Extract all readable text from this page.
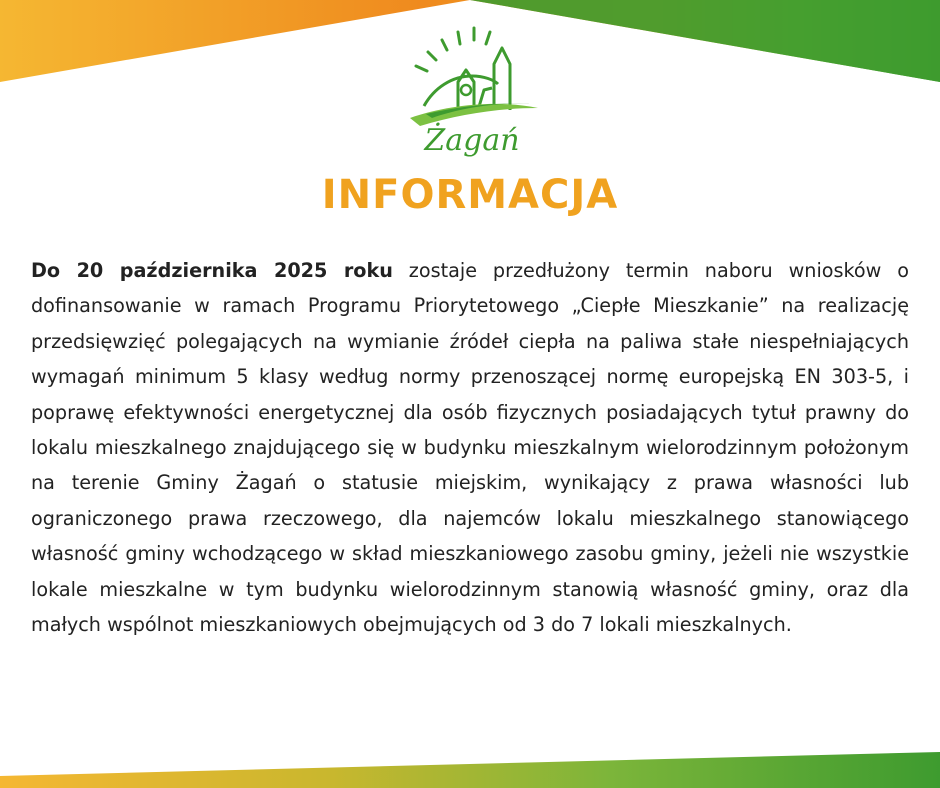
Żagań
INFORMACJA

Do 20 października 2025 roku zostaje przedłużony termin naboru wniosków o dofinansowanie w ramach Programu Priorytetowego „Ciepłe Mieszkanie” na realizację przedsięwzięć polegających na wymianie źródeł ciepła na paliwa stałe niespełniających wymagań minimum 5 klasy według normy przenoszącej normę europejską EN 303-5, i poprawę efektywności energetycznej dla osób fizycznych posiadających tytuł prawny do lokalu mieszkalnego znajdującego się w budynku mieszkalnym wielorodzinnym położonym na terenie Gminy Żagań o statusie miejskim, wynikający z prawa własności lub ograniczonego prawa rzeczowego, dla najemców lokalu mieszkalnego stanowiącego własność gminy wchodzącego w skład mieszkaniowego zasobu gminy, jeżeli nie wszystkie lokale mieszkalne w tym budynku wielorodzinnym stanowią własność gminy, oraz dla małych wspólnot mieszkaniowych obejmujących od 3 do 7 lokali mieszkalnych.
